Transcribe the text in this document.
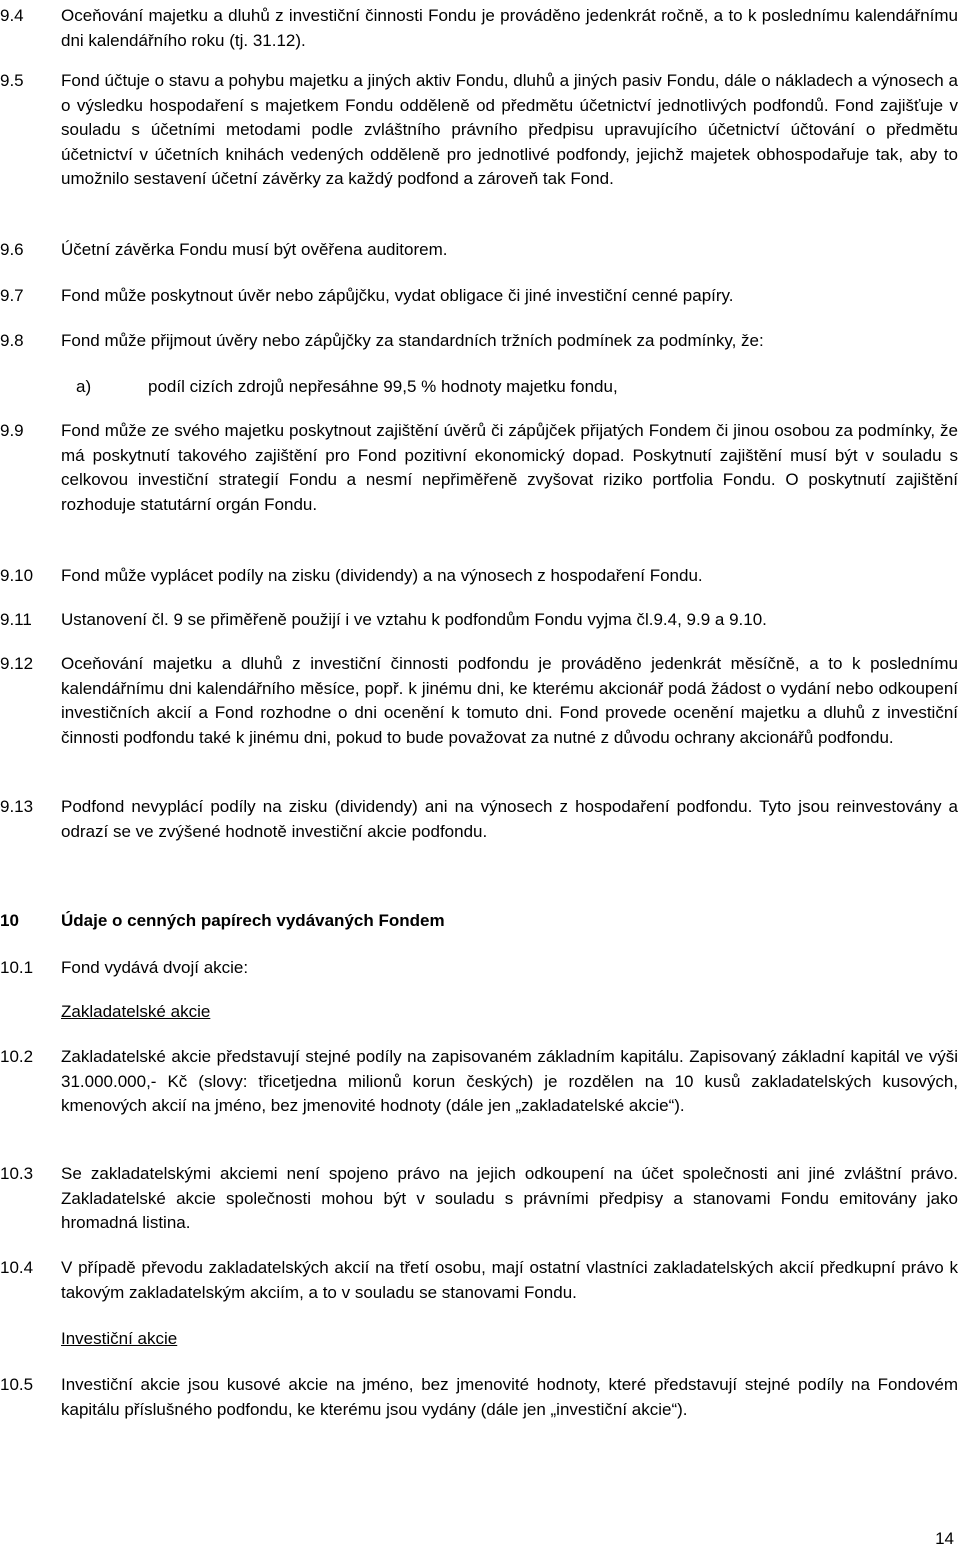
9.4	Oceňování majetku a dluhů z investiční činnosti Fondu je prováděno jedenkrát ročně, a to k poslednímu kalendářnímu dni kalendářního roku (tj. 31.12).
9.5	Fond účtuje o stavu a pohybu majetku a jiných aktiv Fondu, dluhů a jiných pasiv Fondu, dále o nákladech a výnosech a o výsledku hospodaření s majetkem Fondu odděleně od předmětu účetnictví jednotlivých podfondů. Fond zajišťuje v souladu s účetními metodami podle zvláštního právního předpisu upravujícího účetnictví účtování o předmětu účetnictví v účetních knihách vedených odděleně pro jednotlivé podfondy, jejichž majetek obhospodařuje tak, aby to umožnilo sestavení účetní závěrky za každý podfond a zároveň tak Fond.
9.6	Účetní závěrka Fondu musí být ověřena auditorem.
9.7	Fond může poskytnout úvěr nebo zápůjčku, vydat obligace či jiné investiční cenné papíry.
9.8	Fond může přijmout úvěry nebo zápůjčky za standardních tržních podmínek za podmínky, že:
a)	podíl cizích zdrojů nepřesáhne 99,5 % hodnoty majetku fondu,
9.9	Fond může ze svého majetku poskytnout zajištění úvěrů či zápůjček přijatých Fondem či jinou osobou za podmínky, že má poskytnutí takového zajištění pro Fond pozitivní ekonomický dopad. Poskytnutí zajištění musí být v souladu s celkovou investiční strategií Fondu a nesmí nepřiměřeně zvyšovat riziko portfolia Fondu. O poskytnutí zajištění rozhoduje statutární orgán Fondu.
9.10	Fond může vyplácet podíly na zisku (dividendy) a na výnosech z hospodaření Fondu.
9.11	Ustanovení čl. 9 se přiměřeně použijí i ve vztahu k podfondům Fondu vyjma čl.9.4, 9.9 a 9.10.
9.12	Oceňování majetku a dluhů z investiční činnosti podfondu je prováděno jedenkrát měsíčně, a to k poslednímu kalendářnímu dni kalendářního měsíce, popř. k jinému dni, ke kterému akcionář podá žádost o vydání nebo odkoupení investičních akcií a Fond rozhodne o dni ocenění k tomuto dni. Fond provede ocenění majetku a dluhů z investiční činnosti podfondu také k jinému dni, pokud to bude považovat za nutné z důvodu ochrany akcionářů podfondu.
9.13	Podfond nevyplácí podíly na zisku (dividendy) ani na výnosech z hospodaření podfondu. Tyto jsou reinvestovány a odrazí se ve zvýšené hodnotě investiční akcie podfondu.
10 Údaje o cenných papírech vydávaných Fondem
10.1	Fond vydává dvojí akcie:
Zakladatelské akcie
10.2	Zakladatelské akcie představují stejné podíly na zapisovaném základním kapitálu. Zapisovaný základní kapitál ve výši 31.000.000,- Kč (slovy: třicetjedna milionů korun českých) je rozdělen na 10 kusů zakladatelských kusových, kmenových akcií na jméno, bez jmenovité hodnoty (dále jen „zakladatelské akcie“).
10.3	Se zakladatelskými akciemi není spojeno právo na jejich odkoupení na účet společnosti ani jiné zvláštní právo. Zakladatelské akcie společnosti mohou být v souladu s právními předpisy a stanovami Fondu emitovány jako hromadná listina.
10.4	V případě převodu zakladatelských akcií na třetí osobu, mají ostatní vlastníci zakladatelských akcií předkupní právo k takovým zakladatelským akciím, a to v souladu se stanovami Fondu.
Investiční akcie
10.5	Investiční akcie jsou kusové akcie na jméno, bez jmenovité hodnoty, které představují stejné podíly na Fondovém kapitálu příslušného podfondu, ke kterému jsou vydány (dále jen „investiční akcie“).
14
